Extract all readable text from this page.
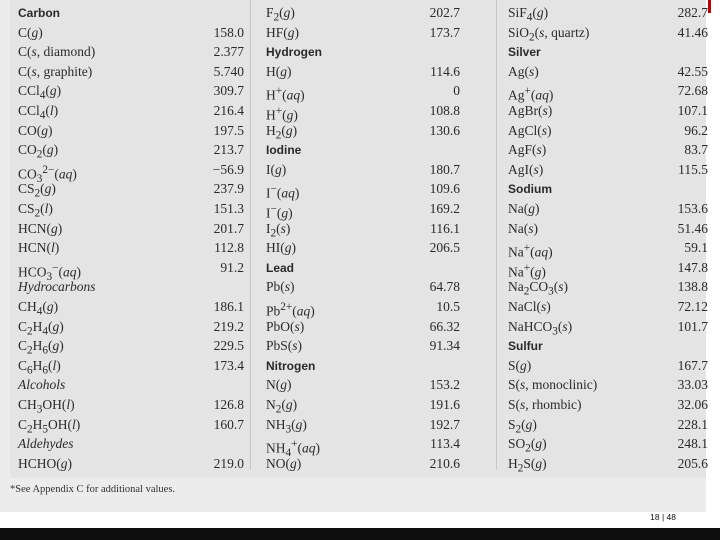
Carbon
C(g)	158.0
C(s, diamond)	2.377
C(s, graphite)	5.740
CCl$_4$(g)	309.7
CCl$_4$(l)	216.4
CO(g)	197.5
$CO_2(g)$	213.7
$CO_3^{2-}(aq)$	−56.9
$CS_2(g)$	237.9
$CS_2(l)$	151.3
HCN(g)	201.7
HCN(l)	112.8
$HCO_3^-(aq)$	91.2
Hydrocarbons
$CH_4(g)$	186.1
$C_2H_4(g)$	219.2
$C_2H_6(g)$	229.5
$C_6H_6(l)$	173.4
Alcohols
$CH_3OH(l)$	126.8
$C_2H_5OH(l)$	160.7
Aldehydes
HCHO(g)	219.0
$F_2(g)$	202.7
HF(g)	173.7
Hydrogen
H(g)	114.6
H+(aq)	0
H+(g)	108.8
$H_2(g)$	130.6
Iodine
I(g)	180.7
I−(aq)	109.6
I−(g)	169.2
$I_2(s)$	116.1
HI(g)	206.5
Lead
Pb(s)	64.78
$Pb^{2+}(aq)$	10.5
PbO(s)	66.32
PbS(s)	91.34
Nitrogen
N(g)	153.2
$N_2(g)$	191.6
$NH_3(g)$	192.7
$NH_4^+(aq)$	113.4
NO(g)	210.6
SiF$_4$(g)	282.7
SiO$_2$(s, quartz)	41.46
Silver
Ag(s)	42.55
Ag+(aq)	72.68
AgBr(s)	107.1
AgCl(s)	96.2
AgF(s)	83.7
AgI(s)	115.5
Sodium
Na(g)	153.6
Na(s)	51.46
Na+(aq)	59.1
Na+(g)	147.8
$Na_2CO_3(s)$	138.8
NaCl(s)	72.12
NaHCO$_3$(s)	101.7
Sulfur
S(g)	167.7
S(s, monoclinic)	33.03
S(s, rhombic)	32.06
$S_2(g)$	228.1
$SO_2(g)$	248.1
$H_2S(g)$	205.6
*See Appendix C for additional values.
18 | 48
